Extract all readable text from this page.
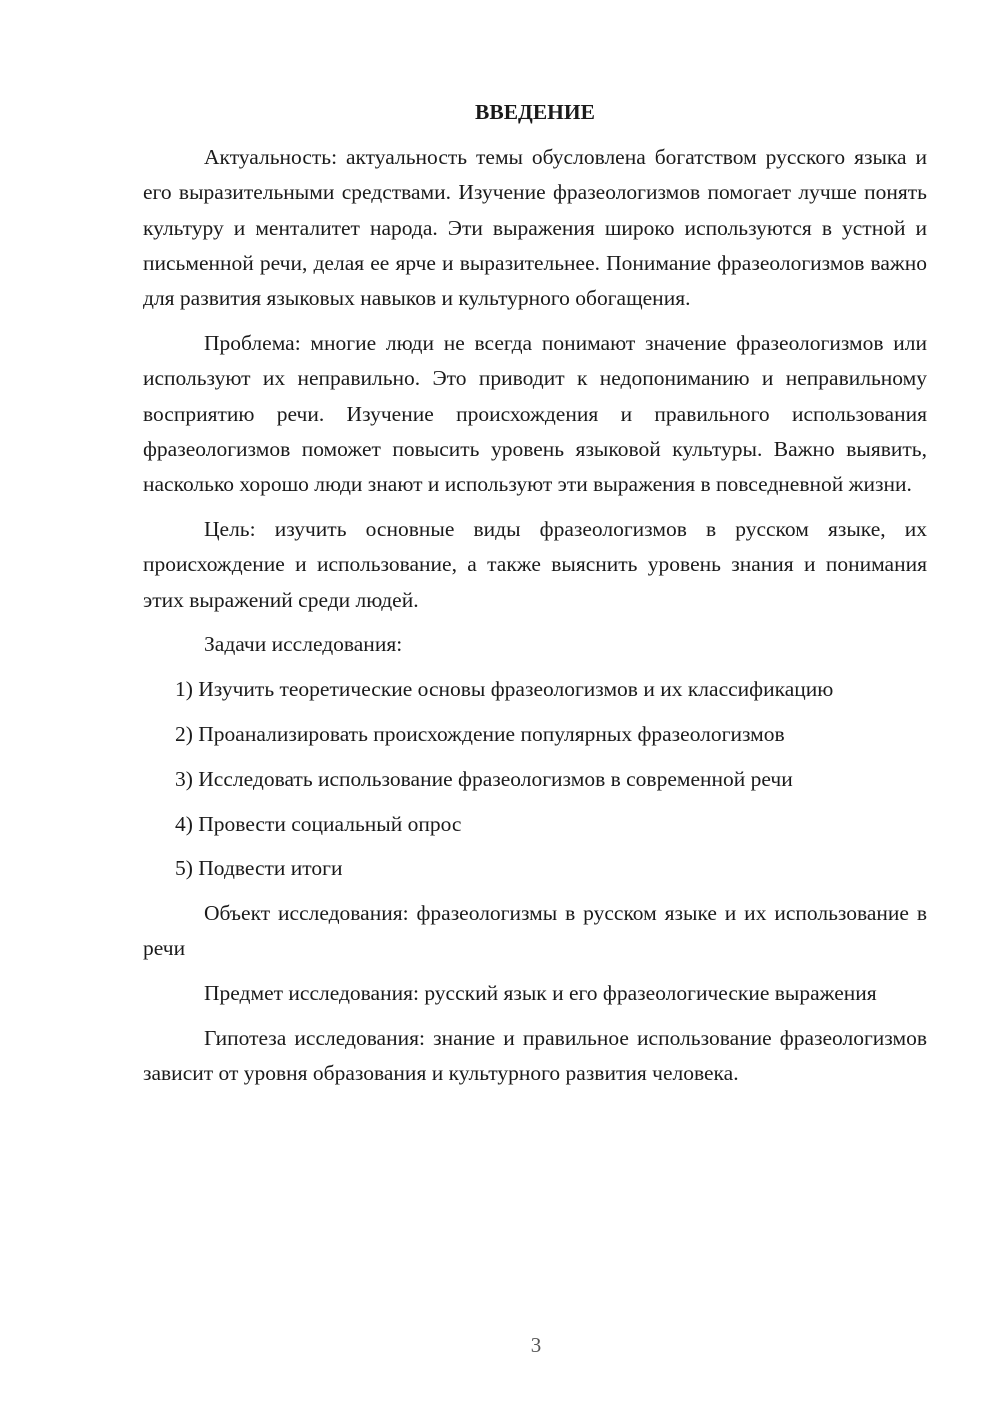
ВВЕДЕНИЕ
Актуальность: актуальность темы обусловлена богатством русского языка и его выразительными средствами. Изучение фразеологизмов помогает лучше понять культуру и менталитет народа. Эти выражения широко используются в устной и письменной речи, делая ее ярче и выразительнее. Понимание фразеологизмов важно для развития языковых навыков и культурного обогащения.
Проблема: многие люди не всегда понимают значение фразеологизмов или используют их неправильно. Это приводит к недопониманию и неправильному восприятию речи. Изучение происхождения и правильного использования фразеологизмов поможет повысить уровень языковой культуры. Важно выявить, насколько хорошо люди знают и используют эти выражения в повседневной жизни.
Цель: изучить основные виды фразеологизмов в русском языке, их происхождение и использование, а также выяснить уровень знания и понимания этих выражений среди людей.
Задачи исследования:
1) Изучить теоретические основы фразеологизмов и их классификацию
2) Проанализировать происхождение популярных фразеологизмов
3) Исследовать использование фразеологизмов в современной речи
4) Провести социальный опрос
5) Подвести итоги
Объект исследования: фразеологизмы в русском языке и их использование в речи
Предмет исследования: русский язык и его фразеологические выражения
Гипотеза исследования: знание и правильное использование фразеологизмов зависит от уровня образования и культурного развития человека.
3
